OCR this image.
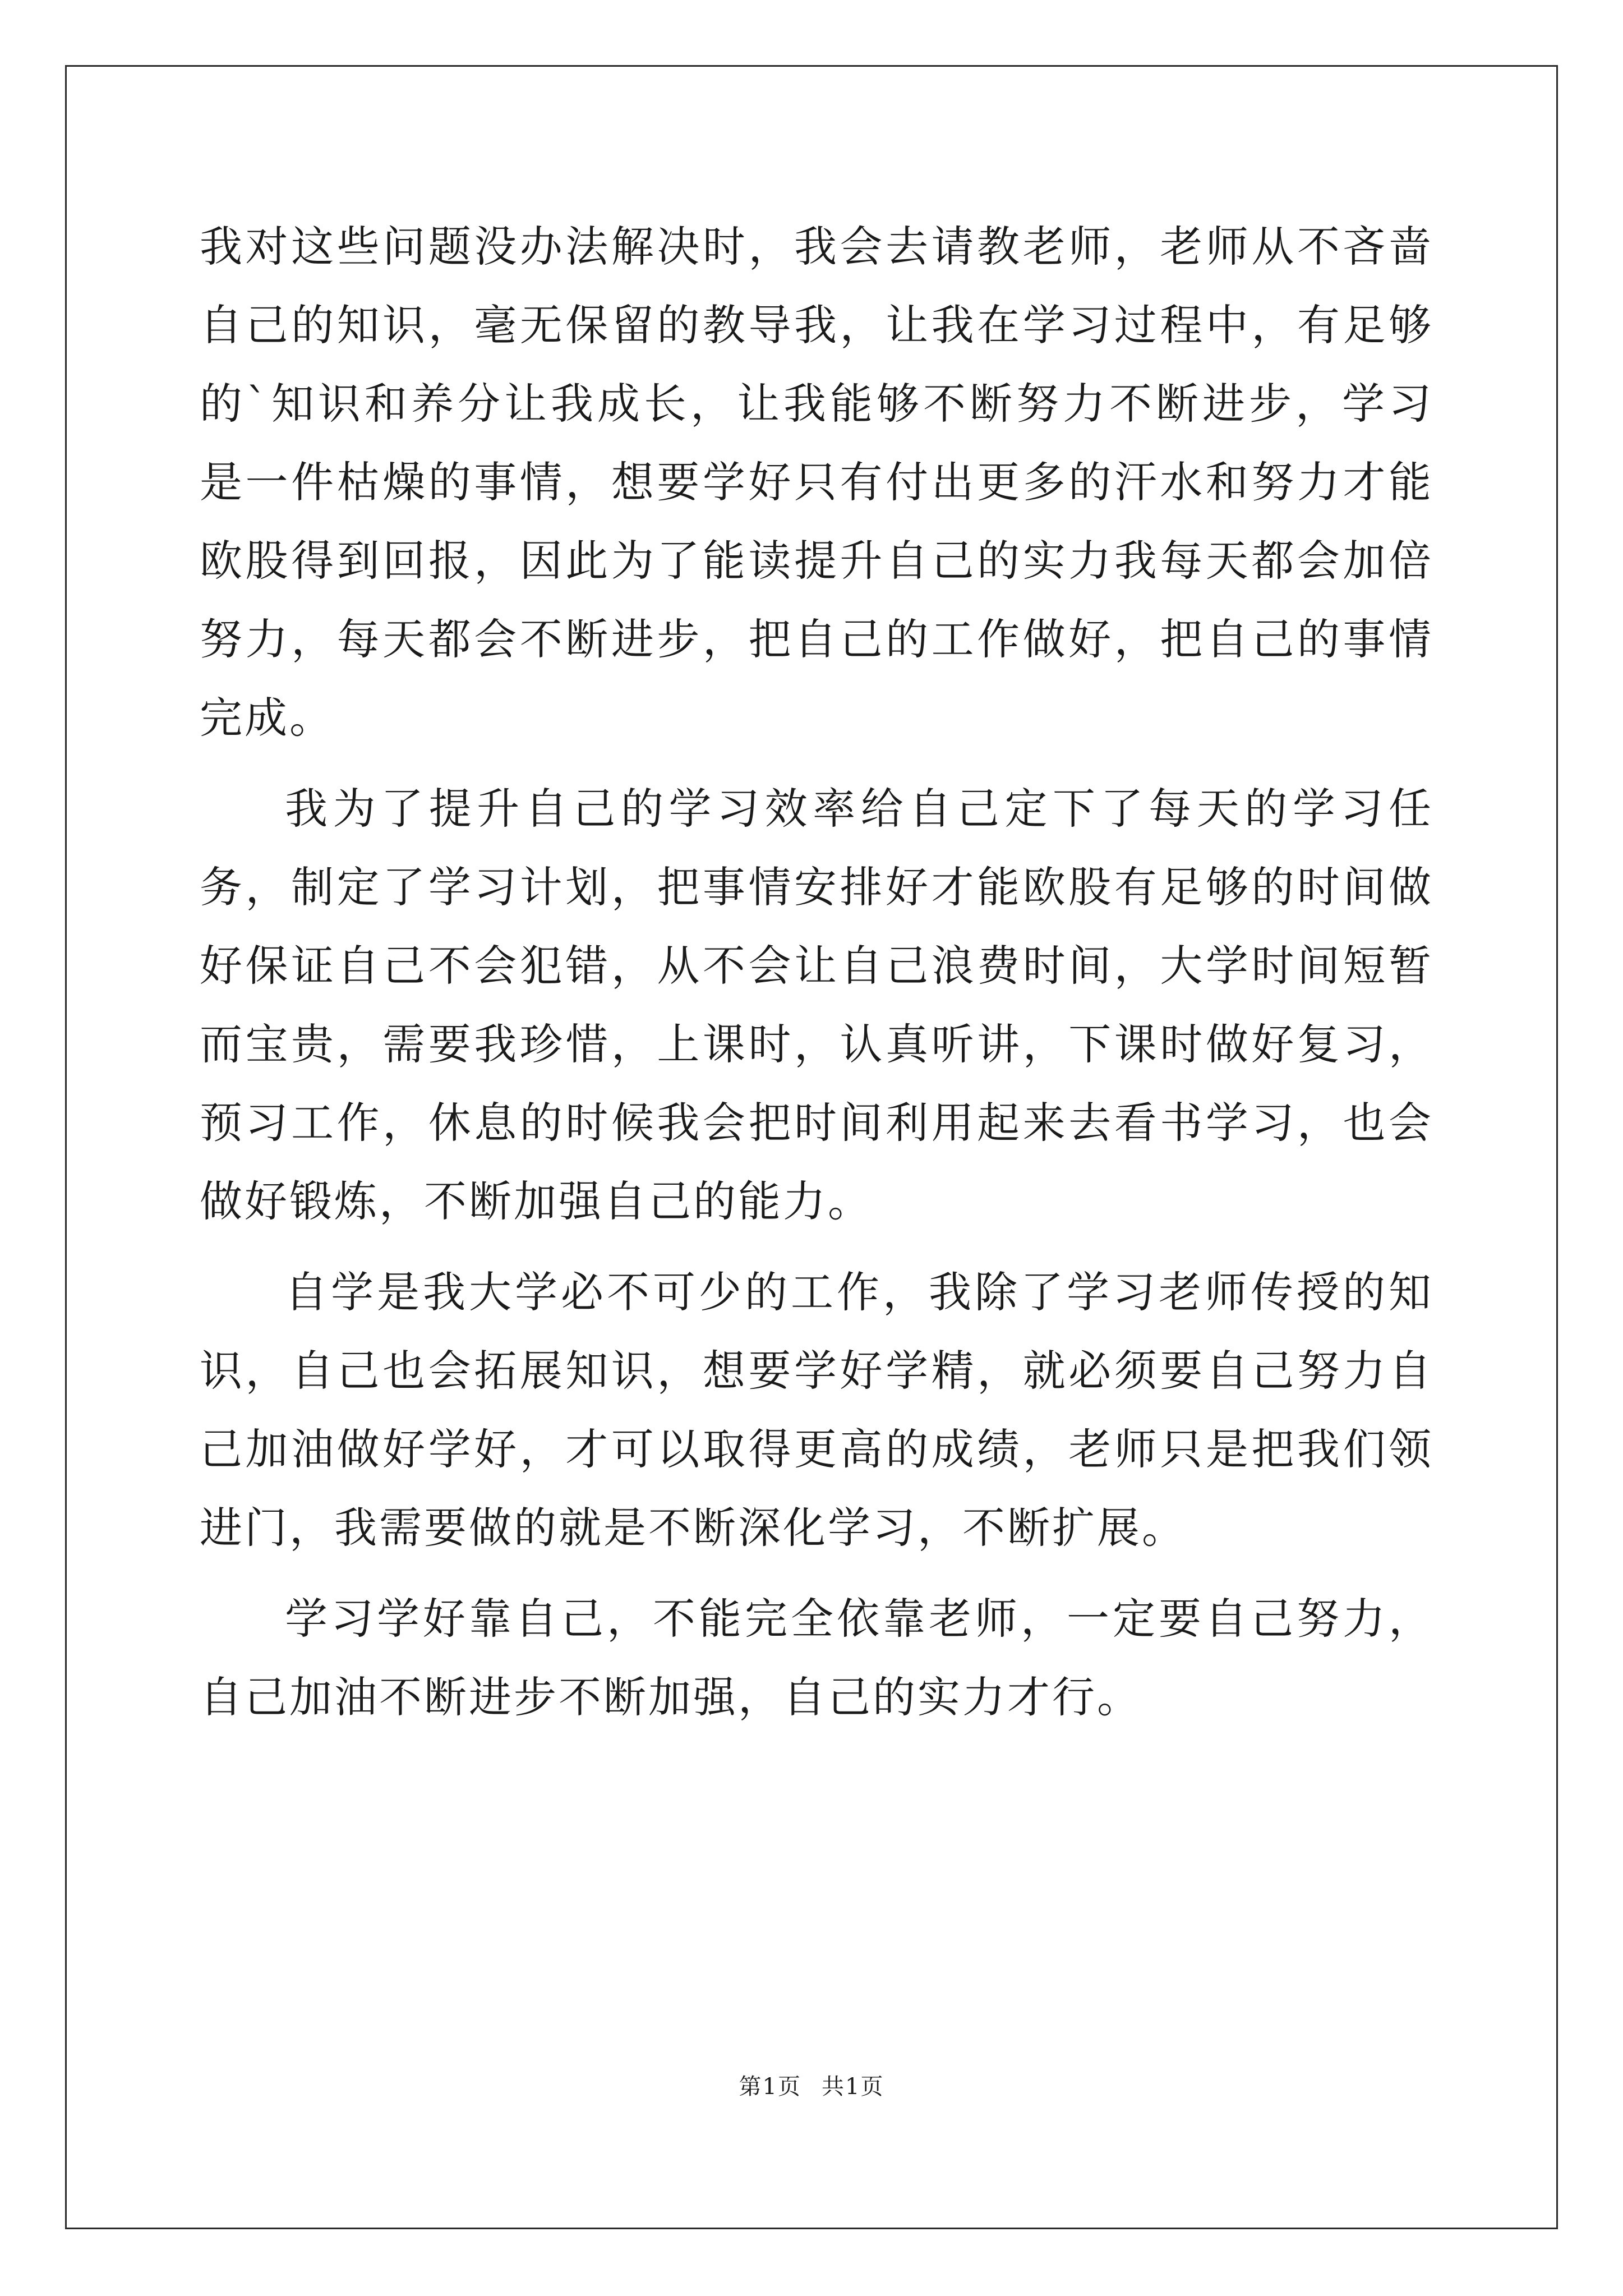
我对这些问题没办法解决时，我会去请教老师，老师从不吝啬自己的知识，毫无保留的教导我，让我在学习过程中，有足够的`知识和养分让我成长，让我能够不断努力不断进步，学习是一件枯燥的事情，想要学好只有付出更多的汗水和努力才能欧股得到回报，因此为了能读提升自己的实力我每天都会加倍努力，每天都会不断进步，把自己的工作做好，把自己的事情完成。

我为了提升自己的学习效率给自己定下了每天的学习任务，制定了学习计划，把事情安排好才能欧股有足够的时间做好保证自己不会犯错，从不会让自己浪费时间，大学时间短暂而宝贵，需要我珍惜，上课时，认真听讲，下课时做好复习，预习工作，休息的时候我会把时间利用起来去看书学习，也会做好锻炼，不断加强自己的能力。

自学是我大学必不可少的工作，我除了学习老师传授的知识，自己也会拓展知识，想要学好学精，就必须要自己努力自己加油做好学好，才可以取得更高的成绩，老师只是把我们领进门，我需要做的就是不断深化学习，不断扩展。

学习学好靠自己，不能完全依靠老师，一定要自己努力，自己加油不断进步不断加强，自己的实力才行。

第1页 共1页
